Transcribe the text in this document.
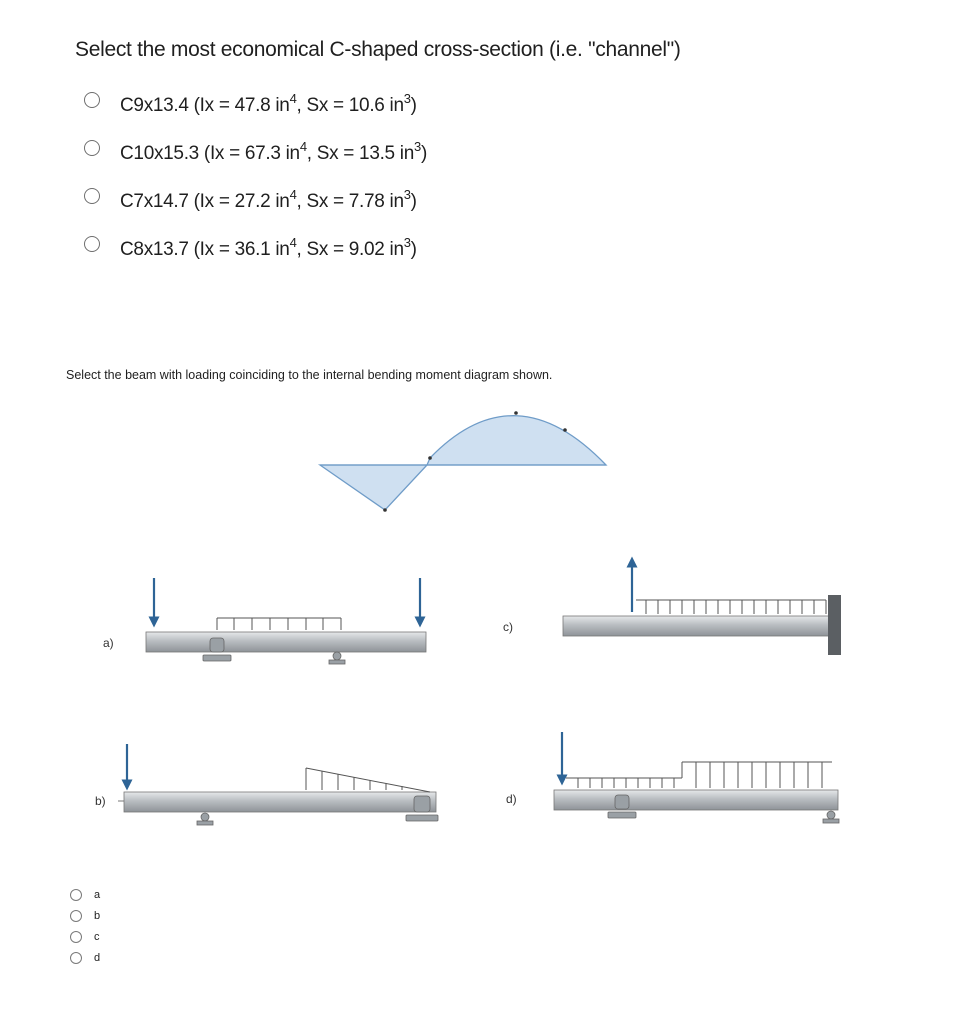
Select the most economical C-shaped cross-section (i.e. "channel")
C9x13.4 (Ix = 47.8 $in^4$, Sx = 10.6 $in^3$)
C10x15.3 (Ix = 67.3 $in^4$, Sx = 13.5 $in^3$)
C7x14.7 (Ix = 27.2 $in^4$, Sx = 7.78 $in^3$)
C8x13.7 (Ix = 36.1 $in^4$, Sx = 9.02 $in^3$)
Select the beam with loading coinciding to the internal bending moment diagram shown.
a)
b)
c)
d)
a
b
c
d
